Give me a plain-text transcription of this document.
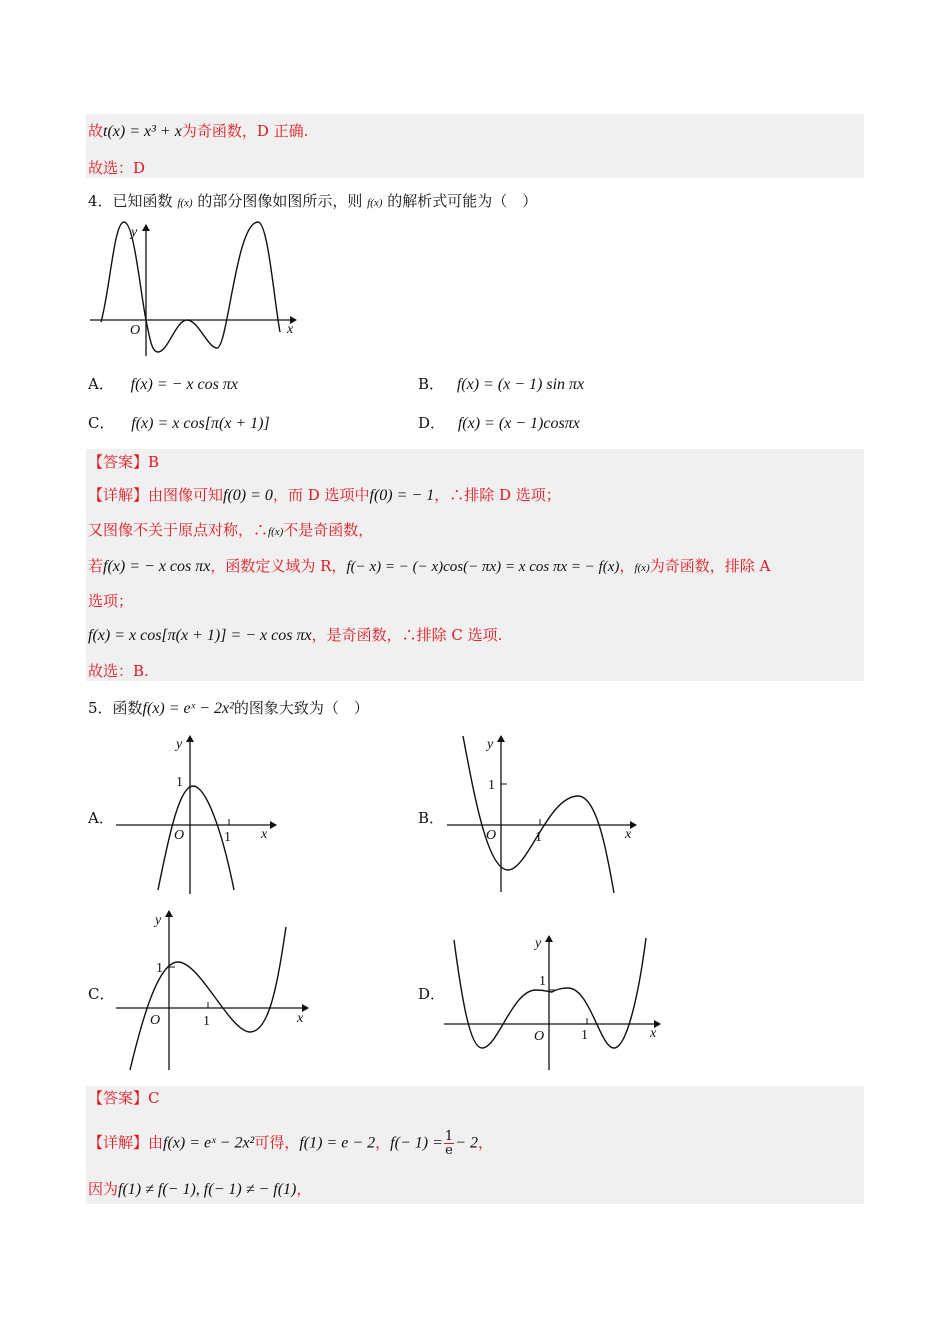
故t(x) = x³ + x为奇函数，D 正确.
故选：D
4．已知函数 f(x) 的部分图像如图所示，则 f(x) 的解析式可能为（　）
y
x
O
A． f(x) = − x cos πx	B． f(x) = (x − 1) sin πx
C． f(x) = x cos[π(x + 1)]	D． f(x) = (x − 1)cosπx
【答案】B
【详解】由图像可知f(0) = 0，而 D 选项中f(0) = − 1，∴排除 D 选项；
又图像不关于原点对称，∴f(x)不是奇函数，
若f(x) = − x cos πx，函数定义域为 R，f(− x) = − (− x)cos(− πx) = x cos πx = − f(x)，f(x)为奇函数，排除 A
选项；
f(x) = x cos[π(x + 1)] = − x cos πx，是奇函数，∴排除 C 选项.
故选：B.
5．函数f(x) = eˣ − 2x²的图象大致为（　）
A．
y
x
O
1
1
B．
y
x
O
1
1
C．
y
x
O
1
1
D．
y
x
O
1
1
【答案】C
【详解】由f(x) = eˣ − 2x²可得，f(1) = e − 2，$f(- 1) = \frac{1}{e} - 2$，
因为f(1) ≠ f(− 1), f(− 1) ≠ − f(1)，
